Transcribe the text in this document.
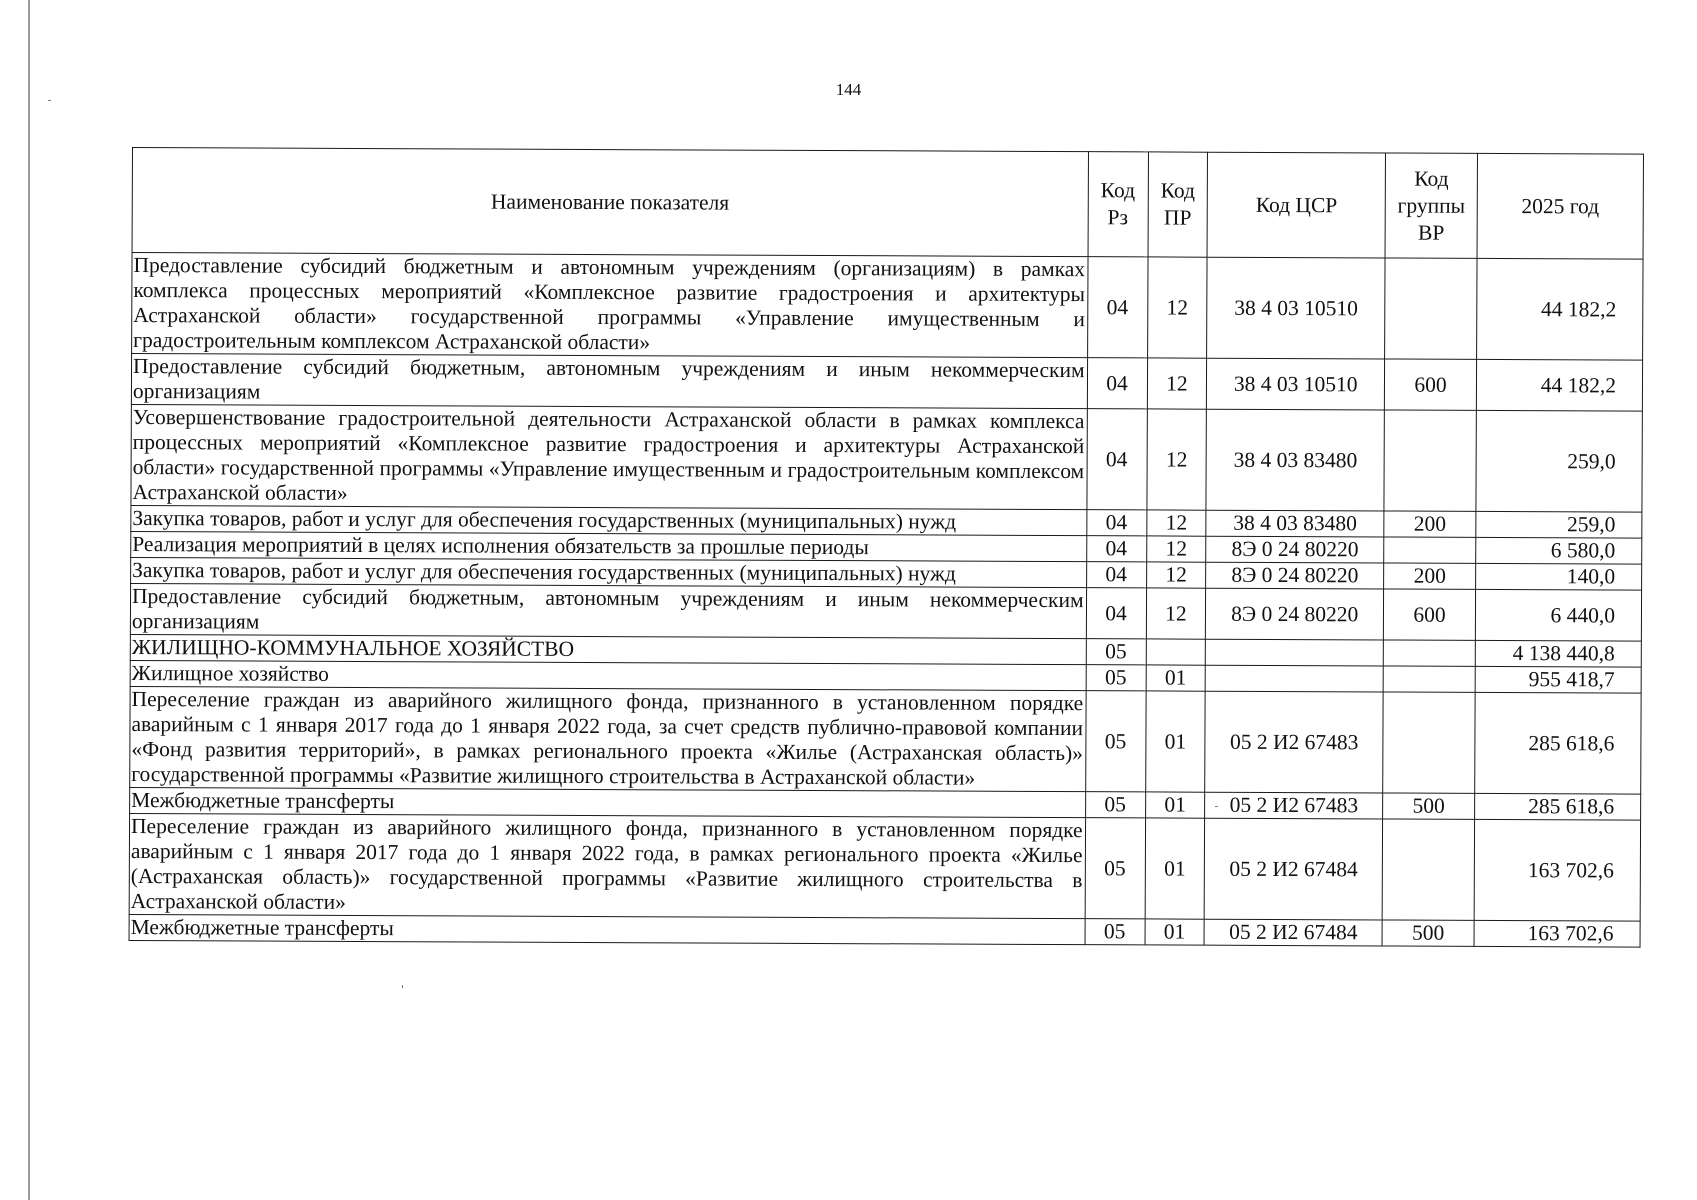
144
Наименование показателя	Код Рз	Код ПР	Код ЦСР	Код группы ВР	2025 год
Предоставление субсидий бюджетным и автономным учреждениям (организациям) в рамках комплекса процессных мероприятий «Комплексное развитие градостроения и архитектуры Астраханской области» государственной программы «Управление имущественным и градостроительным комплексом Астраханской области»	04	12	38 4 03 10510		44 182,2
Предоставление субсидий бюджетным, автономным учреждениям и иным некоммерческим организациям	04	12	38 4 03 10510	600	44 182,2
Усовершенствование градостроительной деятельности Астраханской области в рамках комплекса процессных мероприятий «Комплексное развитие градостроения и архитектуры Астраханской области» государственной программы «Управление имущественным и градостроительным комплексом Астраханской области»	04	12	38 4 03 83480		259,0
Закупка товаров, работ и услуг для обеспечения государственных (муниципальных) нужд	04	12	38 4 03 83480	200	259,0
Реализация мероприятий в целях исполнения обязательств за прошлые периоды	04	12	8Э 0 24 80220		6 580,0
Закупка товаров, работ и услуг для обеспечения государственных (муниципальных) нужд	04	12	8Э 0 24 80220	200	140,0
Предоставление субсидий бюджетным, автономным учреждениям и иным некоммерческим организациям	04	12	8Э 0 24 80220	600	6 440,0
ЖИЛИЩНО-КОММУНАЛЬНОЕ ХОЗЯЙСТВО	05				4 138 440,8
Жилищное хозяйство	05	01			955 418,7
Переселение граждан из аварийного жилищного фонда, признанного в установленном порядке аварийным с 1 января 2017 года до 1 января 2022 года, за счет средств публично-правовой компании «Фонд развития территорий», в рамках регионального проекта «Жилье (Астраханская область)» государственной программы «Развитие жилищного строительства в Астраханской области»	05	01	05 2 И2 67483		285 618,6
Межбюджетные трансферты	05	01	05 2 И2 67483	500	285 618,6
Переселение граждан из аварийного жилищного фонда, признанного в установленном порядке аварийным с 1 января 2017 года до 1 января 2022 года, в рамках регионального проекта «Жилье (Астраханская область)» государственной программы «Развитие жилищного строительства в Астраханской области»	05	01	05 2 И2 67484		163 702,6
Межбюджетные трансферты	05	01	05 2 И2 67484	500	163 702,6
